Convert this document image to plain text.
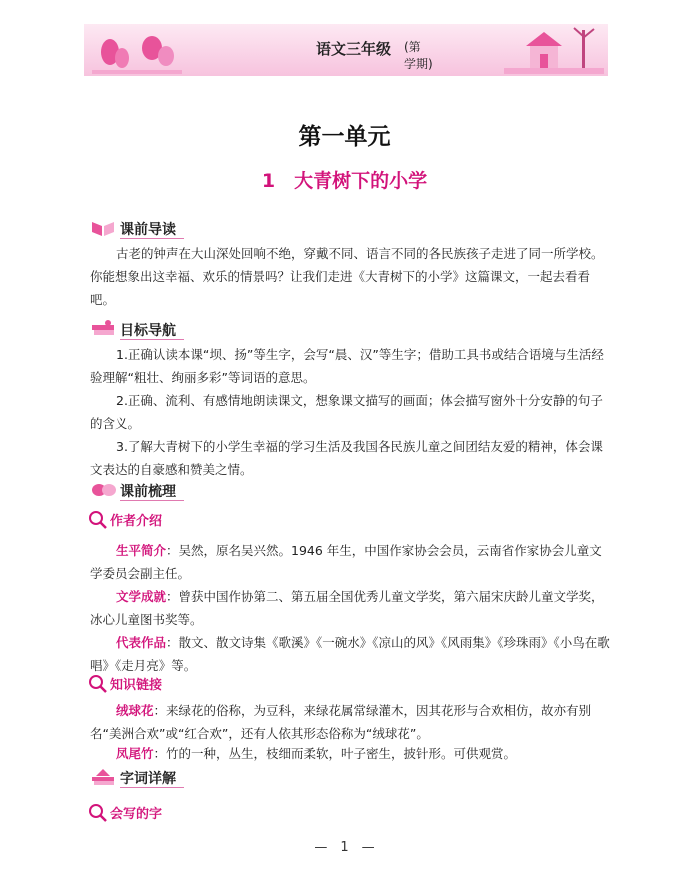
语文三年级 (第　学期)
第一单元
1　大青树下的小学
课前导读

古老的钟声在大山深处回响不绝，穿戴不同、语言不同的各民族孩子走进了同一所学校。你能想象出这幸福、欢乐的情景吗？让我们走进《大青树下的小学》这篇课文，一起去看看吧。

目标导航

1.正确认读本课“坝、扬”等生字，会写“晨、汉”等生字；借助工具书或结合语境与生活经验理解“粗壮、绚丽多彩”等词语的意思。

2.正确、流利、有感情地朗读课文，想象课文描写的画面；体会描写窗外十分安静的句子的含义。

3.了解大青树下的小学生幸福的学习生活及我国各民族儿童之间团结友爱的精神，体会课文表达的自豪感和赞美之情。

课前梳理
作者介绍

生平简介：吴然，原名吴兴然。1946 年生，中国作家协会会员，云南省作家协会儿童文学委员会副主任。

文学成就：曾获中国作协第二、第五届全国优秀儿童文学奖，第六届宋庆龄儿童文学奖，冰心儿童图书奖等。

代表作品：散文、散文诗集《歌溪》《一碗水》《凉山的风》《风雨集》《珍珠雨》《小鸟在歌唱》《走月亮》等。

知识链接

绒球花：来绿花的俗称，为豆科，来绿花属常绿灌木，因其花形与合欢相仿，故亦有别名“美洲合欢”或“红合欢”，还有人依其形态俗称为“绒球花”。

凤尾竹：竹的一种，丛生，枝细而柔软，叶子密生，披针形。可供观赏。

字词详解
会写的字
—　1　—
